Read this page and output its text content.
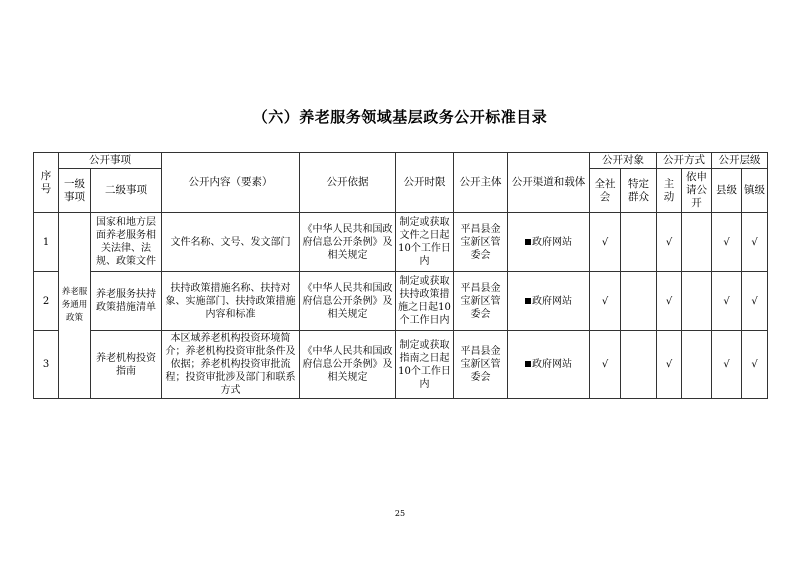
（六）养老服务领域基层政务公开标准目录
序号	公开事项		公开内容（要素）	公开依据	公开时限	公开主体	公开渠道和载体	公开对象		公开方式		公开层级	
	一级事项	二级事项						全社会	特定群众	主动	依申请公开	县级	镇级
1	养老服务通用政策	国家和地方层面养老服务相关法律、法规、政策文件	文件名称、文号、发文部门	《中华人民共和国政府信息公开条例》及相关规定	制定或获取文件之日起10个工作日内	平昌县金宝新区管委会	政府网站	√		√		√	√
2		养老服务扶持政策措施清单	扶持政策措施名称、扶持对象、实施部门、扶持政策措施内容和标准	《中华人民共和国政府信息公开条例》及相关规定	制定或获取扶持政策措施之日起10个工作日内	平昌县金宝新区管委会	政府网站	√		√		√	√
3		养老机构投资指南	本区域养老机构投资环境简介；养老机构投资审批条件及依据；养老机构投资审批流程；投资审批涉及部门和联系方式	《中华人民共和国政府信息公开条例》及相关规定	制定或获取指南之日起10个工作日内	平昌县金宝新区管委会	政府网站	√		√		√	√
25
